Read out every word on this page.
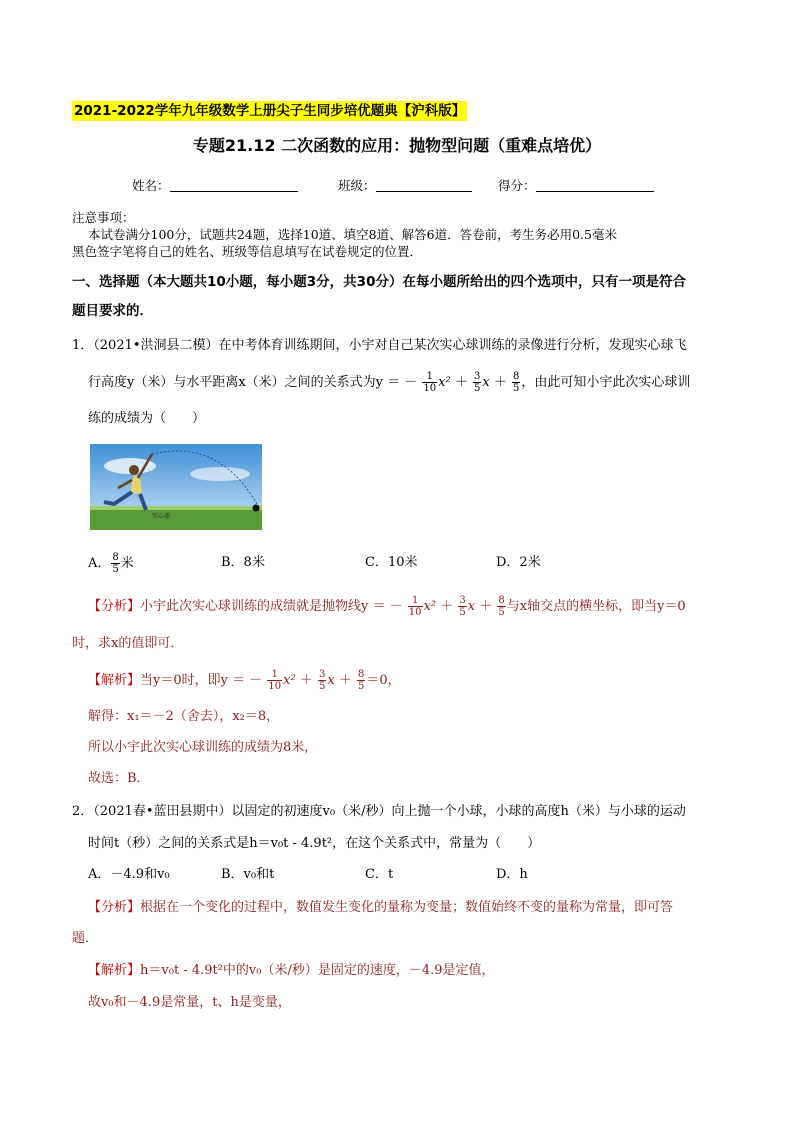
2021-2022学年九年级数学上册尖子生同步培优题典【沪科版】
专题21.12 二次函数的应用：抛物型问题（重难点培优）
姓名：	班级：	得分：
注意事项：
本试卷满分100分，试题共24题，选择10道、填空8道、解答6道．答卷前，考生务必用0.5毫米
黑色签字笔将自己的姓名、班级等信息填写在试卷规定的位置．
一、选择题（本大题共10小题，每小题3分，共30分）在每小题所给出的四个选项中，只有一项是符合
题目要求的．
1．（2021•洪洞县二模）在中考体育训练期间，小宇对自己某次实心球训练的录像进行分析，发现实心球飞
行高度y（米）与水平距离x（米）之间的关系式为y ＝ － $\frac{1}{10} x^2 + \frac{3}{5}$ $x + \frac{8}{5}$ ，由此可知小宇此次实心球训
练的成绩为（　　）
实心球
A． $\frac{8}{5}$ 米	B．8米	C．10米	D．2米
【分析】小宇此次实心球训练的成绩就是抛物线y ＝ － $\frac{1}{10} x^2 + \frac{3}{5}$ $x + \frac{8}{5}$ 与x轴交点的横坐标，即当y＝0
时，求x的值即可．
【解析】当y＝0时，即y ＝ － $\frac{1}{10} x^2 + \frac{3}{5}$ $x + \frac{8}{5} =0$，
解得：x₁＝－2（舍去），x₂＝8，
所以小宇此次实心球训练的成绩为8米，
故选：B．
2．（2021春•蓝田县期中）以固定的初速度v₀（米/秒）向上抛一个小球，小球的高度h（米）与小球的运动
时间t（秒）之间的关系式是h＝v₀t - 4.9t²，在这个关系式中，常量为（　　）
A．－4.9和v₀	B．v₀和t	C．t	D．h
【分析】根据在一个变化的过程中，数值发生变化的量称为变量；数值始终不变的量称为常量，即可答
题．
【解析】h＝v₀t - 4.9t²中的v₀（米/秒）是固定的速度，－4.9是定值，
故v₀和－4.9是常量，t、h是变量，
